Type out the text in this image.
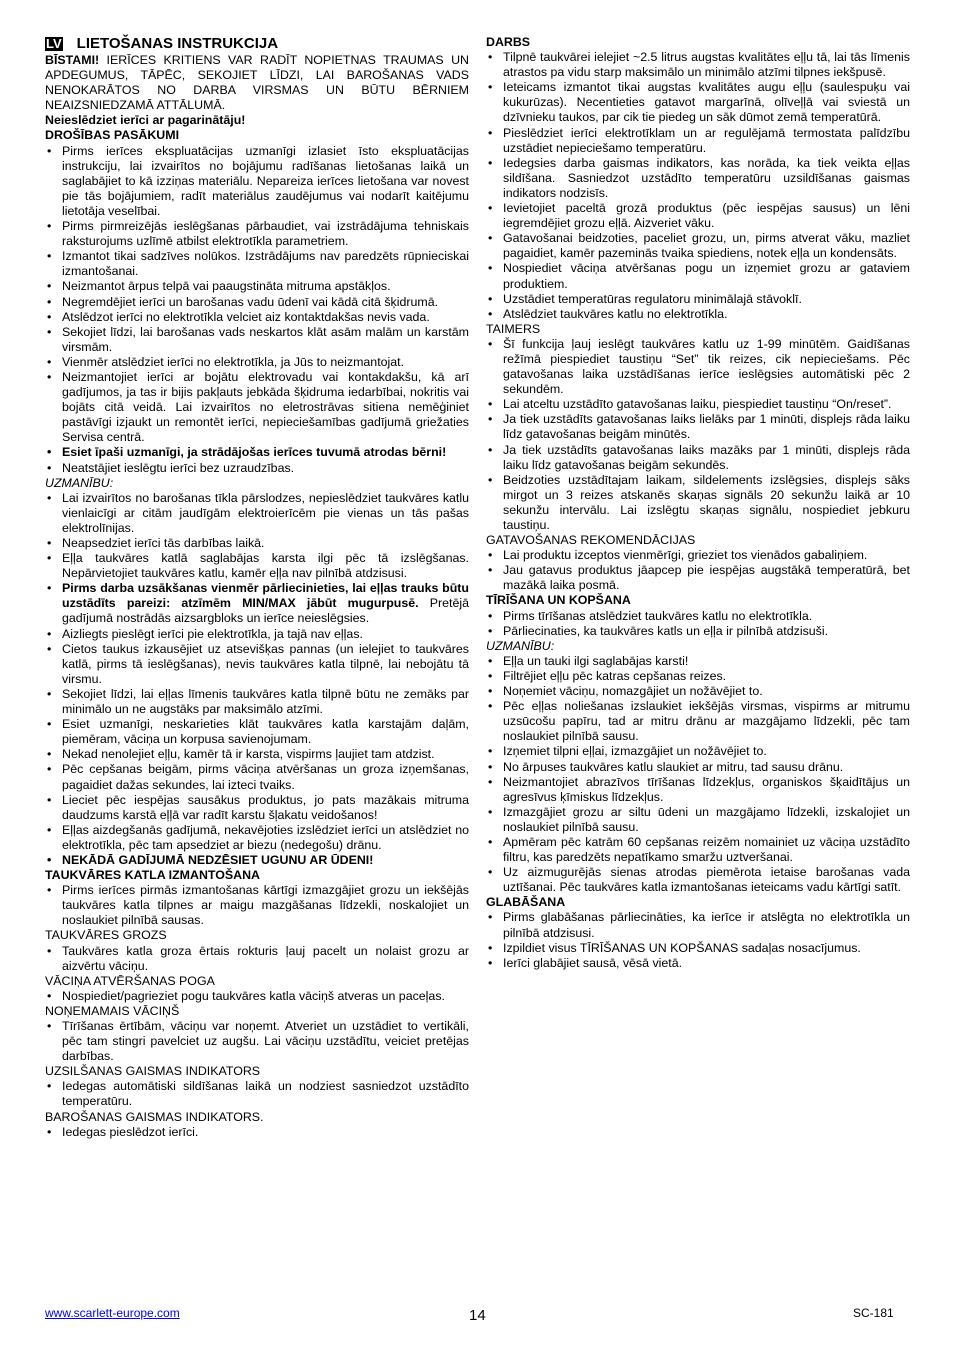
LV LIETOŠANAS INSTRUKCIJA

BĪSTAMI! IERĪCES KRITIENS VAR RADĪT NOPIETNAS TRAUMAS UN APDEGUMUS, TĀPĒC, SEKOJIET LĪDZI, LAI BAROŠANAS VADS NENOKARĀTOS NO DARBA VIRSMAS UN BŪTU BĒRNIEM NEAIZSNIEDZAMĀ ATTĀLUMĀ.

Neieslēdziet ierīci ar pagarinātāju!

DROŠĪBAS PASĀKUMI

• Pirms ierīces ekspluatācijas uzmanīgi izlasiet īsto ekspluatācijas instrukciju, lai izvairītos no bojājumu radīšanas lietošanas laikā un saglabājiet to kā izziņas materiālu. Nepareiza ierīces lietošana var novest pie tās bojājumiem, radīt materiālus zaudējumus vai nodarīt kaitējumu lietotāja veselībai.
• Pirms pirmreizējās ieslēgšanas pārbaudiet, vai izstrādājuma tehniskais raksturojums uzlīmē atbilst elektrotīkla parametriem.
• Izmantot tikai sadzīves nolūkos. Izstrādājums nav paredzēts rūpnieciskai izmantošanai.
• Neizmantot ārpus telpā vai paaugstināta mitruma apstākļos.
• Negremdējiet ierīci un barošanas vadu ūdenī vai kādā citā šķidrumā.
• Atslēdzot ierīci no elektrotīkla velciet aiz kontaktdakšas nevis vada.
• Sekojiet līdzi, lai barošanas vads neskartos klāt asām malām un karstām virsmām.
• Vienmēr atslēdziet ierīci no elektrotīkla, ja Jūs to neizmantojat.
• Neizmantojiet ierīci ar bojātu elektrovadu vai kontakdakšu, kā arī gadījumos, ja tas ir bijis pakļauts jebkāda šķidruma iedarbībai, nokritis vai bojāts citā veidā. Lai izvairītos no eletrostrāvas sitiena nemēģiniet pastāvīgi izjaukt un remontēt ierīci, nepieciešamības gadījumā griežaties Servisa centrā.
• Esiet īpaši uzmanīgi, ja strādājošas ierīces tuvumā atrodas bērni!
• Neatstājiet ieslēgtu ierīci bez uzraudzības.

UZMANĪBU:

• Lai izvairītos no barošanas tīkla pārslodzes, nepieslēdziet taukvāres katlu vienlaicīgi ar citām jaudīgām elektroierīcēm pie vienas un tās pašas elektrolīnijas.
• Neapsedziet ierīci tās darbības laikā.
• Eļļa taukvāres katlā saglabājas karsta ilgi pēc tā izslēgšanas. Nepārvietojiet taukvāres katlu, kamēr eļļa nav pilnībā atdzisusi.
• Pirms darba uzsākšanas vienmēr pārliecinieties, lai eļļas trauks būtu uzstādīts pareizi: atzīmēm MIN/MAX jābūt mugurpusē. Pretējā gadījumā nostrādās aizsargbloks un ierīce neieslēgsies.
• Aizliegts pieslēgt ierīci pie elektrotīkla, ja tajā nav eļļas.
• Cietos taukus izkausējiet uz atsevišķas pannas (un ielejiet to taukvāres katlā, pirms tā ieslēgšanas), nevis taukvāres katla tilpnē, lai nebojātu tā virsmu.
• Sekojiet līdzi, lai eļļas līmenis taukvāres katla tilpnē būtu ne zemāks par minimālo un ne augstāks par maksimālo atzīmi.
• Esiet uzmanīgi, neskarieties klāt taukvāres katla karstajām daļām, piemēram, vāciņa un korpusa savienojumam.
• Nekad nenolejiet eļļu, kamēr tā ir karsta, vispirms ļaujiet tam atdzist.
• Pēc cepšanas beigām, pirms vāciņa atvēršanas un groza izņemšanas, pagaidiet dažas sekundes, lai izteci tvaiks.
• Lieciet pēc iespējas sausākus produktus, jo pats mazākais mitruma daudzums karstā eļļā var radīt karstu šļakatu veidošanos!
• Eļļas aizdegšanās gadījumā, nekavējoties izslēdziet ierīci un atslēdziet no elektrotīkla, pēc tam apsedziet ar biezu (nedegošu) drānu.
• NEKĀDĀ GADĪJUMĀ NEDZĒSIET UGUNU AR ŪDENI!

TAUKVĀRES KATLA IZMANTOŠANA

• Pirms ierīces pirmās izmantošanas kārtīgi izmazgājiet grozu un iekšējās taukvāres katla tilpnes ar maigu mazgāšanas līdzekli, noskalojiet un noslaukiet pilnībā sausas.

TAUKVĀRES GROZS

• Taukvāres katla groza ērtais rokturis ļauj pacelt un nolaist grozu ar aizvērtu vāciņu.

VĀCIŅA ATVĒRŠANAS POGA

• Nospiediet/pagrieziet pogu taukvāres katla vāciņš atveras un paceļas.

NOŅEMAMAIS VĀCIŅŠ

• Tīrīšanas ērtībām, vāciņu var noņemt. Atveriet un uzstādiet to vertikāli, pēc tam stingri pavelciet uz augšu. Lai vāciņu uzstādītu, veiciet pretējas darbības.

UZSILŠANAS GAISMAS INDIKATORS

• Iedegas automātiski sildīšanas laikā un nodziest sasniedzot uzstādīto temperatūru.

BAROŠANAS GAISMAS INDIKATORS.

• Iedegas pieslēdzot ierīci.

DARBS

• Tilpnē taukvārei ielejiet ~2.5 litrus augstas kvalitātes eļļu tā, lai tās līmenis atrastos pa vidu starp maksimālo un minimālo atzīmi tilpnes iekšpusē.
• Ieteicams izmantot tikai augstas kvalitātes augu eļļu (saulespuķu vai kukurūzas). Necentieties gatavot margarīnā, olīveļļā vai sviestā un dzīvnieku taukos, par cik tie piedeg un sāk dūmot zemā temperatūrā.
• Pieslēdziet ierīci elektrotīklam un ar regulējamā termostata palīdzību uzstādiet nepieciešamo temperatūru.
• Iedegsies darba gaismas indikators, kas norāda, ka tiek veikta eļļas sildīšana. Sasniedzot uzstādīto temperatūru uzsildīšanas gaismas indikators nodzisīs.
• Ievietojiet paceltā grozā produktus (pēc iespējas sausus) un lēni iegremdējiet grozu eļļā. Aizveriet vāku.
• Gatavošanai beidzoties, paceliet grozu, un, pirms atverat vāku, mazliet pagaidiet, kamēr pazeminās tvaika spiediens, notek eļļa un kondensāts.
• Nospiediet vāciņa atvēršanas pogu un izņemiet grozu ar gataviem produktiem.
• Uzstādiet temperatūras regulatoru minimālajā stāvoklī.
• Atslēdziet taukvāres katlu no elektrotīkla.

TAIMERS

• Šī funkcija ļauj ieslēgt taukvāres katlu uz 1-99 minūtēm. Gaidīšanas režīmā piespiediet taustiņu “Set” tik reizes, cik nepieciešams. Pēc gatavošanas laika uzstādīšanas ierīce ieslēgsies automātiski pēc 2 sekundēm.
• Lai atceltu uzstādīto gatavošanas laiku, piespiediet taustiņu “On/reset”.
• Ja tiek uzstādīts gatavošanas laiks lielāks par 1 minūti, displejs rāda laiku līdz gatavošanas beigām minūtēs.
• Ja tiek uzstādīts gatavošanas laiks mazāks par 1 minūti, displejs rāda laiku līdz gatavošanas beigām sekundēs.
• Beidzoties uzstādītajam laikam, sildelements izslēgsies, displejs sāks mirgot un 3 reizes atskanēs skaņas signāls 20 sekunžu laikā ar 10 sekunžu intervālu. Lai izslēgtu skaņas signālu, nospiediet jebkuru taustiņu.

GATAVOŠANAS REKOMENDĀCIJAS

• Lai produktu izceptos vienmērīgi, grieziet tos vienādos gabaliņiem.
• Jau gatavus produktus jāapcep pie iespējas augstākā temperatūrā, bet mazākā laika posmā.

TĪRĪŠANA UN KOPŠANA

• Pirms tīrīšanas atslēdziet taukvāres katlu no elektrotīkla.
• Pārliecinaties, ka taukvāres katls un eļļa ir pilnībā atdzisuši.

UZMANĪBU:

• Eļļa un tauki ilgi saglabājas karsti!
• Filtrējiet eļļu pēc katras cepšanas reizes.
• Noņemiet vāciņu, nomazgājiet un nožāvējiet to.
• Pēc eļļas noliešanas izslaukiet iekšējās virsmas, vispirms ar mitrumu uzsūcošu papīru, tad ar mitru drānu ar mazgājamo līdzekli, pēc tam noslaukiet pilnībā sausu.
• Izņemiet tilpni eļļai, izmazgājiet un nožāvējiet to.
• No ārpuses taukvāres katlu slaukiet ar mitru, tad sausu drānu.
• Neizmantojiet abrazīvos tīrīšanas līdzekļus, organiskos šķaidītājus un agresīvus ķīmiskus līdzekļus.
• Izmazgājiet grozu ar siltu ūdeni un mazgājamo līdzekli, izskalojiet un noslaukiet pilnībā sausu.
• Apmēram pēc katrām 60 cepšanas reizēm nomainiet uz vāciņa uzstādīto filtru, kas paredzēts nepatīkamo smaržu uztveršanai.
• Uz aizmugurējās sienas atrodas piemērota ietaise barošanas vada uztīšanai. Pēc taukvāres katla izmantošanas ieteicams vadu kārtīgi satīt.

GLABĀŠANA

• Pirms glabāšanas pārliecināties, ka ierīce ir atslēgta no elektrotīkla un pilnībā atdzisusi.
• Izpildiet visus TĪRĪŠANAS UN KOPŠANAS sadaļas nosacījumus.
• Ierīci glabājiet sausā, vēsā vietā.
www.scarlett-europe.com	14	SC-181
